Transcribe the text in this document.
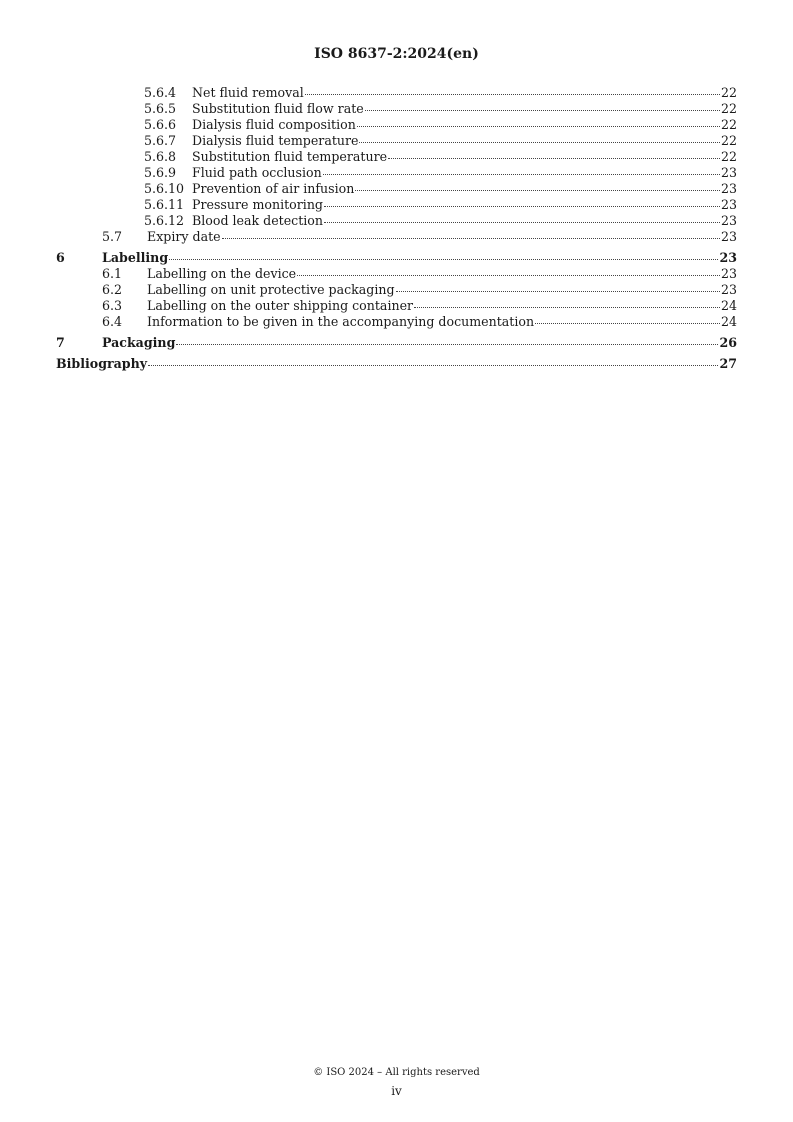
ISO 8637-2:2024(en)
5.6.4	Net fluid removal	22
5.6.5	Substitution fluid flow rate	22
5.6.6	Dialysis fluid composition	22
5.6.7	Dialysis fluid temperature	22
5.6.8	Substitution fluid temperature	22
5.6.9	Fluid path occlusion	23
5.6.10 Prevention of air infusion	23
5.6.11 Pressure monitoring	23
5.6.12 Blood leak detection	23
5.7	Expiry date	23
6	Labelling	23
6.1	Labelling on the device	23
6.2	Labelling on unit protective packaging	23
6.3	Labelling on the outer shipping container	24
6.4	Information to be given in the accompanying documentation	24
7	Packaging	26
Bibliography	27
© ISO 2024 – All rights reserved
iv
